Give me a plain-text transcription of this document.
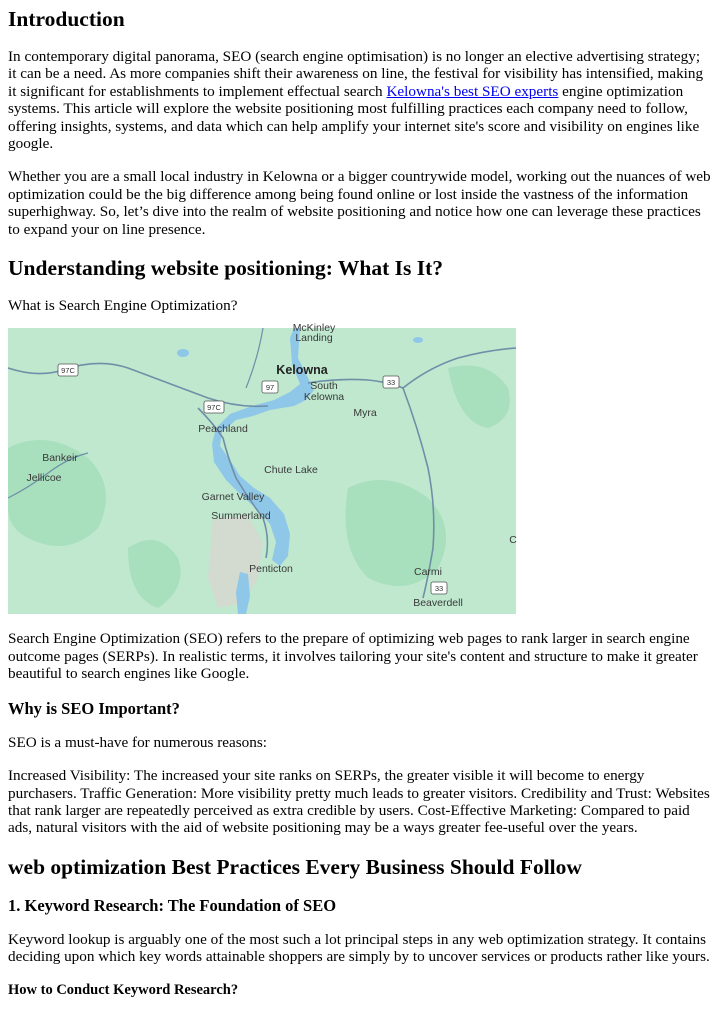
Introduction

In contemporary digital panorama, SEO (search engine optimisation) is no longer an elective advertising strategy; it can be a need. As more companies shift their awareness on line, the festival for visibility has intensified, making it significant for establishments to implement effectual search Kelowna's best SEO experts engine optimization systems. This article will explore the website positioning most fulfilling practices each company need to follow, offering insights, systems, and data which can help amplify your internet site's score and visibility on engines like google.

Whether you are a small local industry in Kelowna or a bigger countrywide model, working out the nuances of web optimization could be the big difference among being found online or lost inside the vastness of the information superhighway. So, let’s dive into the realm of website positioning and notice how one can leverage these practices to expand your on line presence.

Understanding website positioning: What Is It?

What is Search Engine Optimization?

97C
97
97C
33
33
McKinley
Landing
Kelowna
South
Kelowna
Myra
Peachland
Bankeir
Jellicoe
Chute Lake
Garnet Valley
Summerland
Penticton	Carmi
Beaverdell
C

Search Engine Optimization (SEO) refers to the prepare of optimizing web pages to rank larger in search engine outcome pages (SERPs). In realistic terms, it involves tailoring your site's content and structure to make it greater beautiful to search engines like Google.

Why is SEO Important?

SEO is a must-have for numerous reasons:

Increased Visibility: The increased your site ranks on SERPs, the greater visible it will become to energy purchasers. Traffic Generation: More visibility pretty much leads to greater visitors. Credibility and Trust: Websites that rank larger are repeatedly perceived as extra credible by users. Cost-Effective Marketing: Compared to paid ads, natural visitors with the aid of website positioning may be a ways greater fee-useful over the years.

web optimization Best Practices Every Business Should Follow
1. Keyword Research: The Foundation of SEO

Keyword lookup is arguably one of the most such a lot principal steps in any web optimization strategy. It contains deciding upon which key words attainable shoppers are simply by to uncover services or products rather like yours.

How to Conduct Keyword Research?
